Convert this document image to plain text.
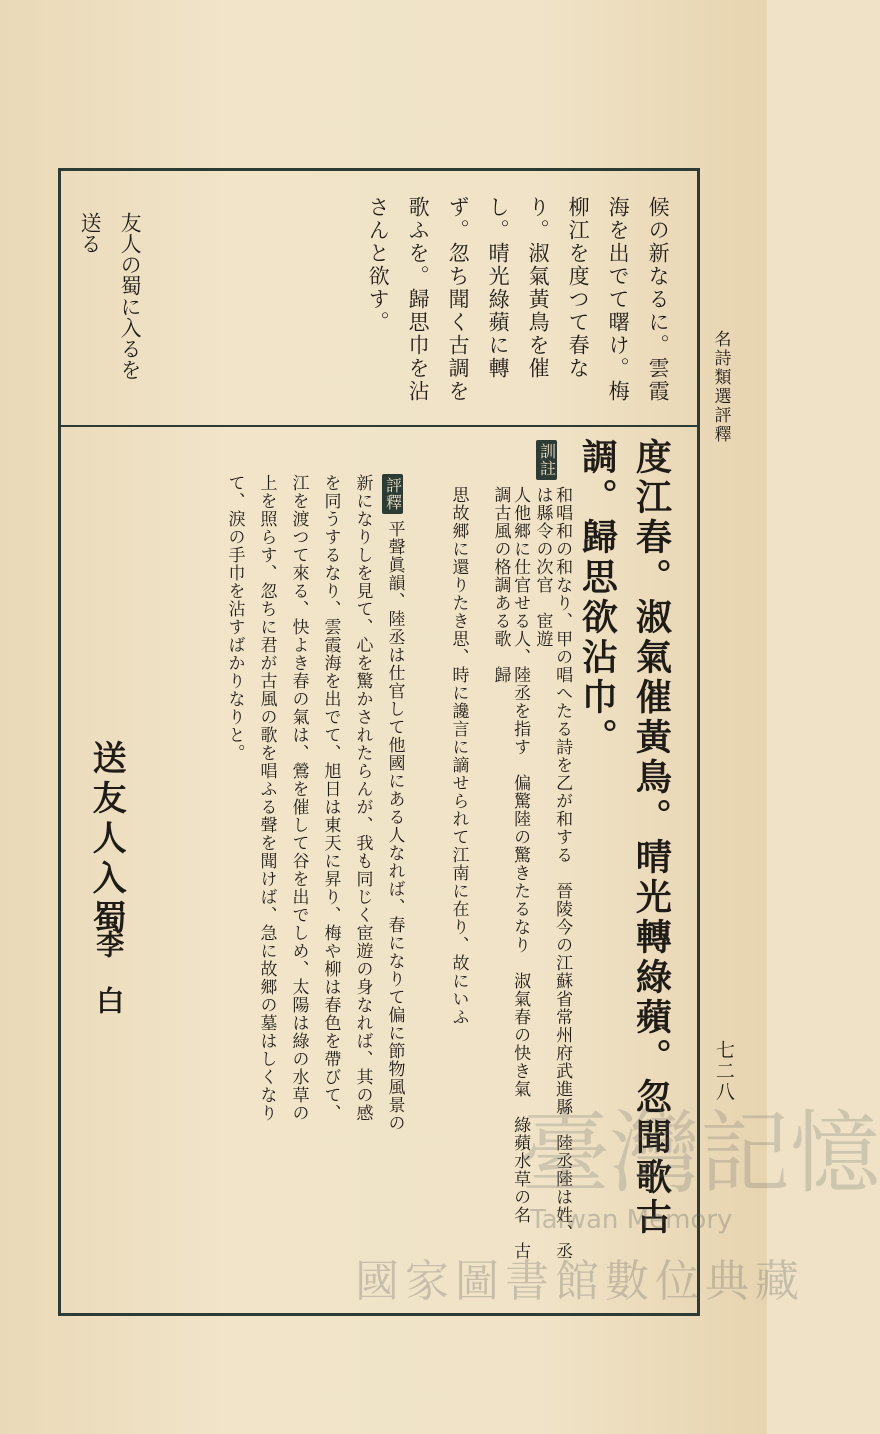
名詩類選評釋
七二八
候の新なるに。雲霞
海を出でて曙け。梅
柳江を度つて春な
り。淑氣黃鳥を催
し。晴光綠蘋に轉
ず。忽ち聞く古調を
歌ふを。歸思巾を沾
さんと欲す。
友人の蜀に入るを
送る
度江春。淑氣催黃鳥。晴光轉綠蘋。忽聞歌古
調。歸思欲沾巾。
訓註
和唱和の和なり、甲の唱へたる詩を乙が和する　晉陵今の江蘇省常州府武進縣　陸丞陸は姓、丞は縣令の次官　宦遊
人他郷に仕官せる人、陸丞を指す　偏驚陸の驚きたるなり　淑氣春の快き氣　綠蘋水草の名　古調古風の格調ある歌　歸
思故郷に還りたき思、時に讒言に謫せられて江南に在り、故にいふ
評釋
平聲眞韻、陸丞は仕官して他國にある人なれば、春になりて偏に節物風景の
新になりしを見て、心を驚かされたらんが、我も同じく宦遊の身なれば、其の感
を同うするなり、雲霞海を出でて、旭日は東天に昇り、梅や柳は春色を帶びて、
江を渡つて來る、快よき春の氣は、鶯を催して谷を出でしめ、太陽は綠の水草の
上を照らす、忽ちに君が古風の歌を唱ふる聲を聞けば、急に故郷の墓はしくなり
て、淚の手巾を沾すばかりなりと。
送友人入蜀
李　白
臺灣記憶
Taiwan Memory
國家圖書館數位典藏
